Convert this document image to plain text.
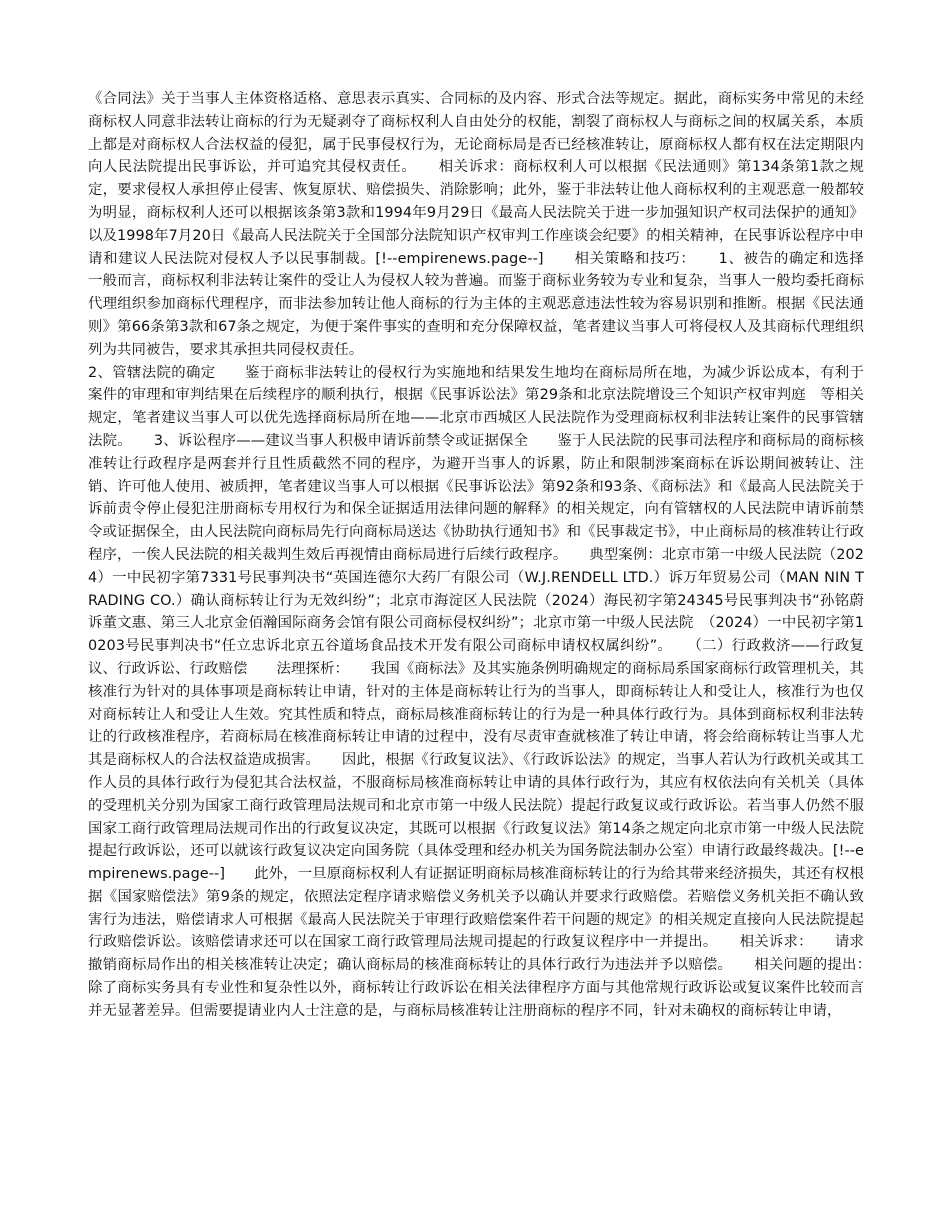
《合同法》关于当事人主体资格适格、意思表示真实、合同标的及内容、形式合法等规定。据此，商标实务中常见的未经商标权人同意非法转让商标的行为无疑剥夺了商标权利人自由处分的权能，割裂了商标权人与商标之间的权属关系，本质上都是对商标权人合法权益的侵犯，属于民事侵权行为，无论商标局是否已经核准转让，原商标权人都有权在法定期限内向人民法院提出民事诉讼，并可追究其侵权责任。　　相关诉求：商标权利人可以根据《民法通则》第134条第1款之规定，要求侵权人承担停止侵害、恢复原状、赔偿损失、消除影响；此外，鉴于非法转让他人商标权利的主观恶意一般都较为明显，商标权利人还可以根据该条第3款和1994年9月29日《最高人民法院关于进一步加强知识产权司法保护的通知》以及1998年7月20日《最高人民法院关于全国部分法院知识产权审判工作座谈会纪要》的相关精神，在民事诉讼程序中申请和建议人民法院对侵权人予以民事制裁。[!--empirenews.page--]　　相关策略和技巧：　　1、被告的确定和选择　　一般而言，商标权利非法转让案件的受让人为侵权人较为普遍。而鉴于商标业务较为专业和复杂，当事人一般均委托商标代理组织参加商标代理程序，而非法参加转让他人商标的行为主体的主观恶意违法性较为容易识别和推断。根据《民法通则》第66条第3款和67条之规定，为便于案件事实的查明和充分保障权益，笔者建议当事人可将侵权人及其商标代理组织列为共同被告，要求其承担共同侵权责任。

2、管辖法院的确定　　鉴于商标非法转让的侵权行为实施地和结果发生地均在商标局所在地，为减少诉讼成本，有利于案件的审理和审判结果在后续程序的顺利执行，根据《民事诉讼法》第29条和北京法院增设三个知识产权审判庭　等相关规定，笔者建议当事人可以优先选择商标局所在地——北京市西城区人民法院作为受理商标权利非法转让案件的民事管辖法院。　　3、诉讼程序——建议当事人积极申请诉前禁令或证据保全　　鉴于人民法院的民事司法程序和商标局的商标核准转让行政程序是两套并行且性质截然不同的程序，为避开当事人的诉累，防止和限制涉案商标在诉讼期间被转让、注销、许可他人使用、被质押，笔者建议当事人可以根据《民事诉讼法》第92条和93条、《商标法》和《最高人民法院关于诉前责令停止侵犯注册商标专用权行为和保全证据适用法律问题的解释》的相关规定，向有管辖权的人民法院申请诉前禁令或证据保全，由人民法院向商标局先行向商标局送达《协助执行通知书》和《民事裁定书》，中止商标局的核准转让行政程序，一俟人民法院的相关裁判生效后再视情由商标局进行后续行政程序。　　典型案例：北京市第一中级人民法院（2024）一中民初字第7331号民事判决书“英国连德尔大药厂有限公司（W.J.RENDELL LTD.）诉万年贸易公司（MAN NIN TRADING CO.）确认商标转让行为无效纠纷”；北京市海淀区人民法院（2024）海民初字第24345号民事判决书“孙铭蔚诉董文惠、第三人北京金佰瀚国际商务会馆有限公司商标侵权纠纷”；北京市第一中级人民法院　（2024）一中民初字第10203号民事判决书“任立忠诉北京五谷道场食品技术开发有限公司商标申请权权属纠纷”。　　（二）行政救济——行政复议、行政诉讼、行政赔偿　　法理探析：　　我国《商标法》及其实施条例明确规定的商标局系国家商标行政管理机关，其核准行为针对的具体事项是商标转让申请，针对的主体是商标转让行为的当事人，即商标转让人和受让人，核准行为也仅对商标转让人和受让人生效。究其性质和特点，商标局核准商标转让的行为是一种具体行政行为。具体到商标权利非法转让的行政核准程序，若商标局在核准商标转让申请的过程中，没有尽责审查就核准了转让申请，将会给商标转让当事人尤其是商标权人的合法权益造成损害。　　因此，根据《行政复议法》、《行政诉讼法》的规定，当事人若认为行政机关或其工作人员的具体行政行为侵犯其合法权益，不服商标局核准商标转让申请的具体行政行为，其应有权依法向有关机关（具体的受理机关分别为国家工商行政管理局法规司和北京市第一中级人民法院）提起行政复议或行政诉讼。若当事人仍然不服国家工商行政管理局法规司作出的行政复议决定，其既可以根据《行政复议法》第14条之规定向北京市第一中级人民法院提起行政诉讼，还可以就该行政复议决定向国务院（具体受理和经办机关为国务院法制办公室）申请行政最终裁决。[!--empirenews.page--]　　此外，一旦原商标权利人有证据证明商标局核准商标转让的行为给其带来经济损失，其还有权根据《国家赔偿法》第9条的规定，依照法定程序请求赔偿义务机关予以确认并要求行政赔偿。若赔偿义务机关拒不确认致害行为违法，赔偿请求人可根据《最高人民法院关于审理行政赔偿案件若干问题的规定》的相关规定直接向人民法院提起行政赔偿诉讼。该赔偿请求还可以在国家工商行政管理局法规司提起的行政复议程序中一并提出。　　相关诉求：　　请求撤销商标局作出的相关核准转让决定；确认商标局的核准商标转让的具体行政行为违法并予以赔偿。　　相关问题的提出：　　除了商标实务具有专业性和复杂性以外，商标转让行政诉讼在相关法律程序方面与其他常规行政诉讼或复议案件比较而言并无显著差异。但需要提请业内人士注意的是，与商标局核准转让注册商标的程序不同，针对未确权的商标转让申请，
